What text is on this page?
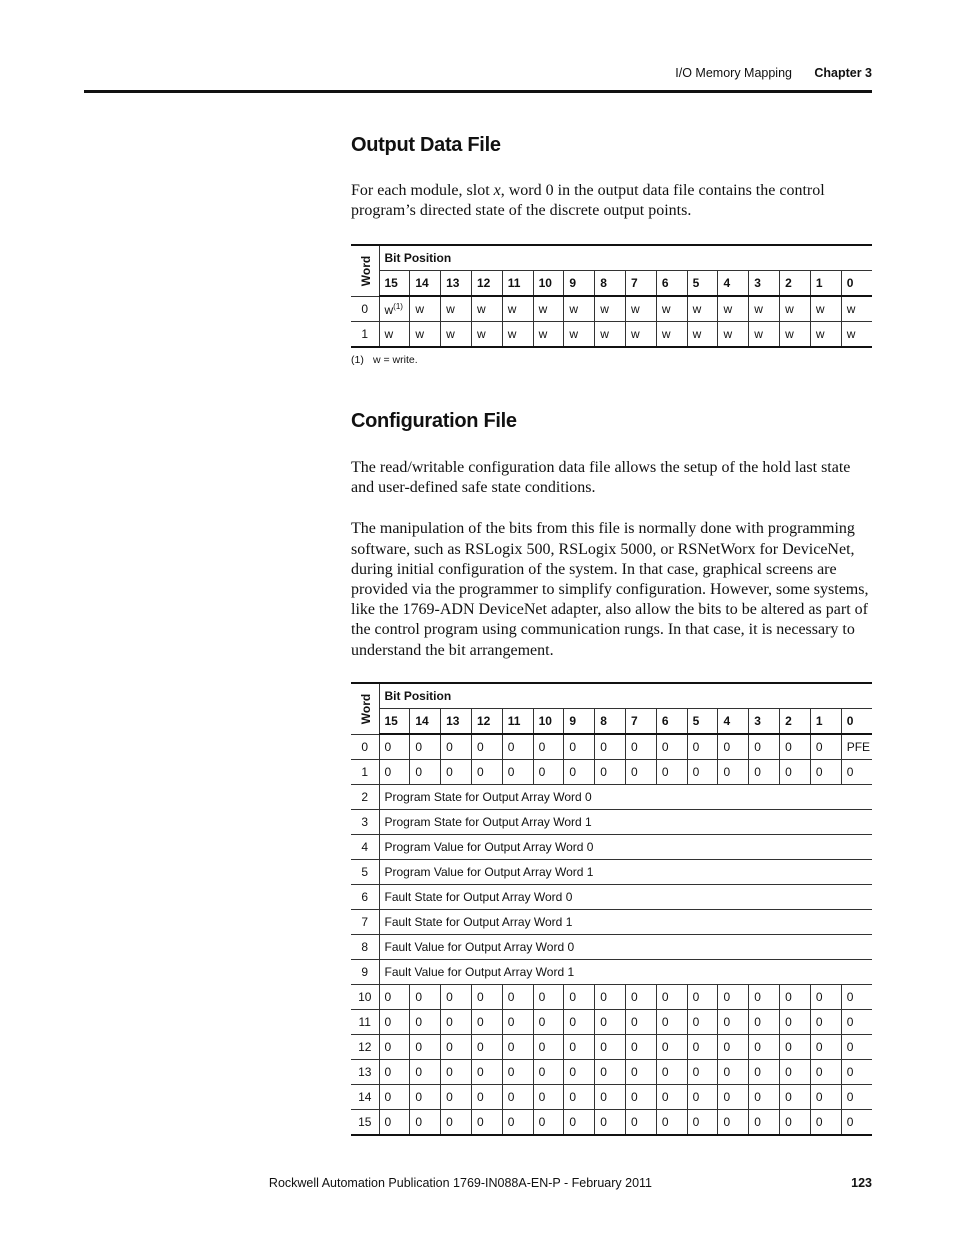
I/O Memory Mapping Chapter 3
Output Data File

For each module, slot x, word 0 in the output data file contains the control program’s directed state of the discrete output points.

Word	Bit Position															
	15	14	13	12	11	10	9	8	7	6	5	4	3	2	1	0
0	$w^{(1)}$	w	w	w	w	w	w	w	w	w	w	w	w	w	w	w
1	w	w	w	w	w	w	w	w	w	w	w	w	w	w	w	w
(1) w = write.
Configuration File

The read/writable configuration data file allows the setup of the hold last state and user-defined safe state conditions.

The manipulation of the bits from this file is normally done with programming software, such as RSLogix 500, RSLogix 5000, or RSNetWorx for DeviceNet, during initial configuration of the system. In that case, graphical screens are provided via the programmer to simplify configuration. However, some systems, like the 1769-ADN DeviceNet adapter, also allow the bits to be altered as part of the control program using communication rungs. In that case, it is necessary to understand the bit arrangement.

Word	Bit Position															
	15	14	13	12	11	10	9	8	7	6	5	4	3	2	1	0
0	0	0	0	0	0	0	0	0	0	0	0	0	0	0	0	PFE
1	0	0	0	0	0	0	0	0	0	0	0	0	0	0	0	0
2	Program State for Output Array Word 0															
3	Program State for Output Array Word 1															
4	Program Value for Output Array Word 0															
5	Program Value for Output Array Word 1															
6	Fault State for Output Array Word 0															
7	Fault State for Output Array Word 1															
8	Fault Value for Output Array Word 0															
9	Fault Value for Output Array Word 1															
10	0	0	0	0	0	0	0	0	0	0	0	0	0	0	0	0
11	0	0	0	0	0	0	0	0	0	0	0	0	0	0	0	0
12	0	0	0	0	0	0	0	0	0	0	0	0	0	0	0	0
13	0	0	0	0	0	0	0	0	0	0	0	0	0	0	0	0
14	0	0	0	0	0	0	0	0	0	0	0	0	0	0	0	0
15	0	0	0	0	0	0	0	0	0	0	0	0	0	0	0	0
Rockwell Automation Publication 1769-IN088A-EN-P - February 2011	123
